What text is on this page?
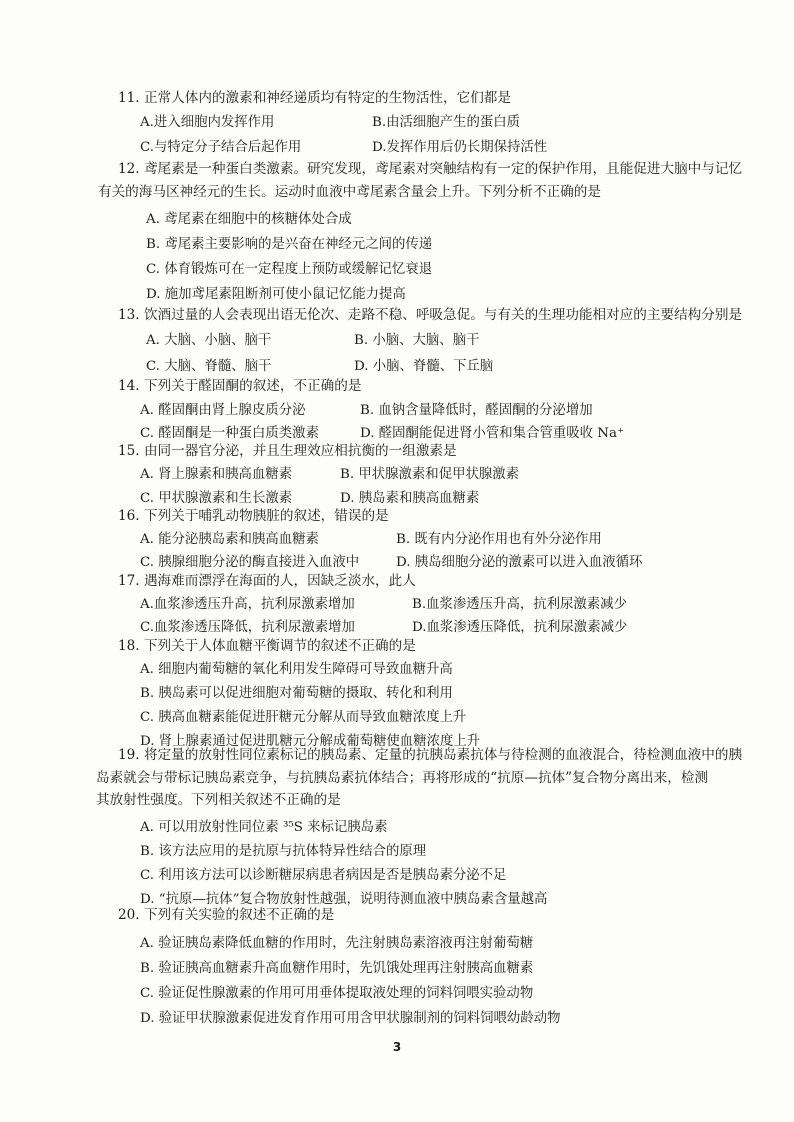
11. 正常人体内的激素和神经递质均有特定的生物活性，它们都是
A.进入细胞内发挥作用	B.由活细胞产生的蛋白质
C.与特定分子结合后起作用	D.发挥作用后仍长期保持活性
12. 鸢尾素是一种蛋白类激素。研究发现，鸢尾素对突触结构有一定的保护作用，且能促进大脑中与记忆
有关的海马区神经元的生长。运动时血液中鸢尾素含量会上升。下列分析不正确的是
A. 鸢尾素在细胞中的核糖体处合成
B. 鸢尾素主要影响的是兴奋在神经元之间的传递
C. 体育锻炼可在一定程度上预防或缓解记忆衰退
D. 施加鸢尾素阻断剂可使小鼠记忆能力提高
13. 饮酒过量的人会表现出语无伦次、走路不稳、呼吸急促。与有关的生理功能相对应的主要结构分别是
A. 大脑、小脑、脑干	B. 小脑、大脑、脑干
C. 大脑、脊髓、脑干	D. 小脑、脊髓、下丘脑
14. 下列关于醛固酮的叙述，不正确的是
A. 醛固酮由肾上腺皮质分泌	B. 血钠含量降低时，醛固酮的分泌增加
C. 醛固酮是一种蛋白质类激素	D. 醛固酮能促进肾小管和集合管重吸收 Na⁺
15. 由同一器官分泌，并且生理效应相抗衡的一组激素是
A. 肾上腺素和胰高血糖素	B. 甲状腺激素和促甲状腺激素
C. 甲状腺激素和生长激素	D. 胰岛素和胰高血糖素
16. 下列关于哺乳动物胰脏的叙述，错误的是
A. 能分泌胰岛素和胰高血糖素	B. 既有内分泌作用也有外分泌作用
C. 胰腺细胞分泌的酶直接进入血液中	D. 胰岛细胞分泌的激素可以进入血液循环
17. 遇海难而漂浮在海面的人，因缺乏淡水，此人
A.血浆渗透压升高，抗利尿激素增加	B.血浆渗透压升高，抗利尿激素减少
C.血浆渗透压降低，抗利尿激素增加	D.血浆渗透压降低，抗利尿激素减少
18. 下列关于人体血糖平衡调节的叙述不正确的是
A. 细胞内葡萄糖的氧化利用发生障碍可导致血糖升高
B. 胰岛素可以促进细胞对葡萄糖的摄取、转化和利用
C. 胰高血糖素能促进肝糖元分解从而导致血糖浓度上升
D. 肾上腺素通过促进肌糖元分解成葡萄糖使血糖浓度上升
19. 将定量的放射性同位素标记的胰岛素、定量的抗胰岛素抗体与待检测的血液混合，待检测血液中的胰
岛素就会与带标记胰岛素竞争，与抗胰岛素抗体结合；再将形成的“抗原—抗体”复合物分离出来，检测
其放射性强度。下列相关叙述不正确的是
A. 可以用放射性同位素 ³⁵S 来标记胰岛素
B. 该方法应用的是抗原与抗体特异性结合的原理
C. 利用该方法可以诊断糖尿病患者病因是否是胰岛素分泌不足
D. “抗原—抗体”复合物放射性越强，说明待测血液中胰岛素含量越高
20. 下列有关实验的叙述不正确的是
A. 验证胰岛素降低血糖的作用时，先注射胰岛素溶液再注射葡萄糖
B. 验证胰高血糖素升高血糖作用时，先饥饿处理再注射胰高血糖素
C. 验证促性腺激素的作用可用垂体提取液处理的饲料饲喂实验动物
D. 验证甲状腺激素促进发育作用可用含甲状腺制剂的饲料饲喂幼龄动物
3
